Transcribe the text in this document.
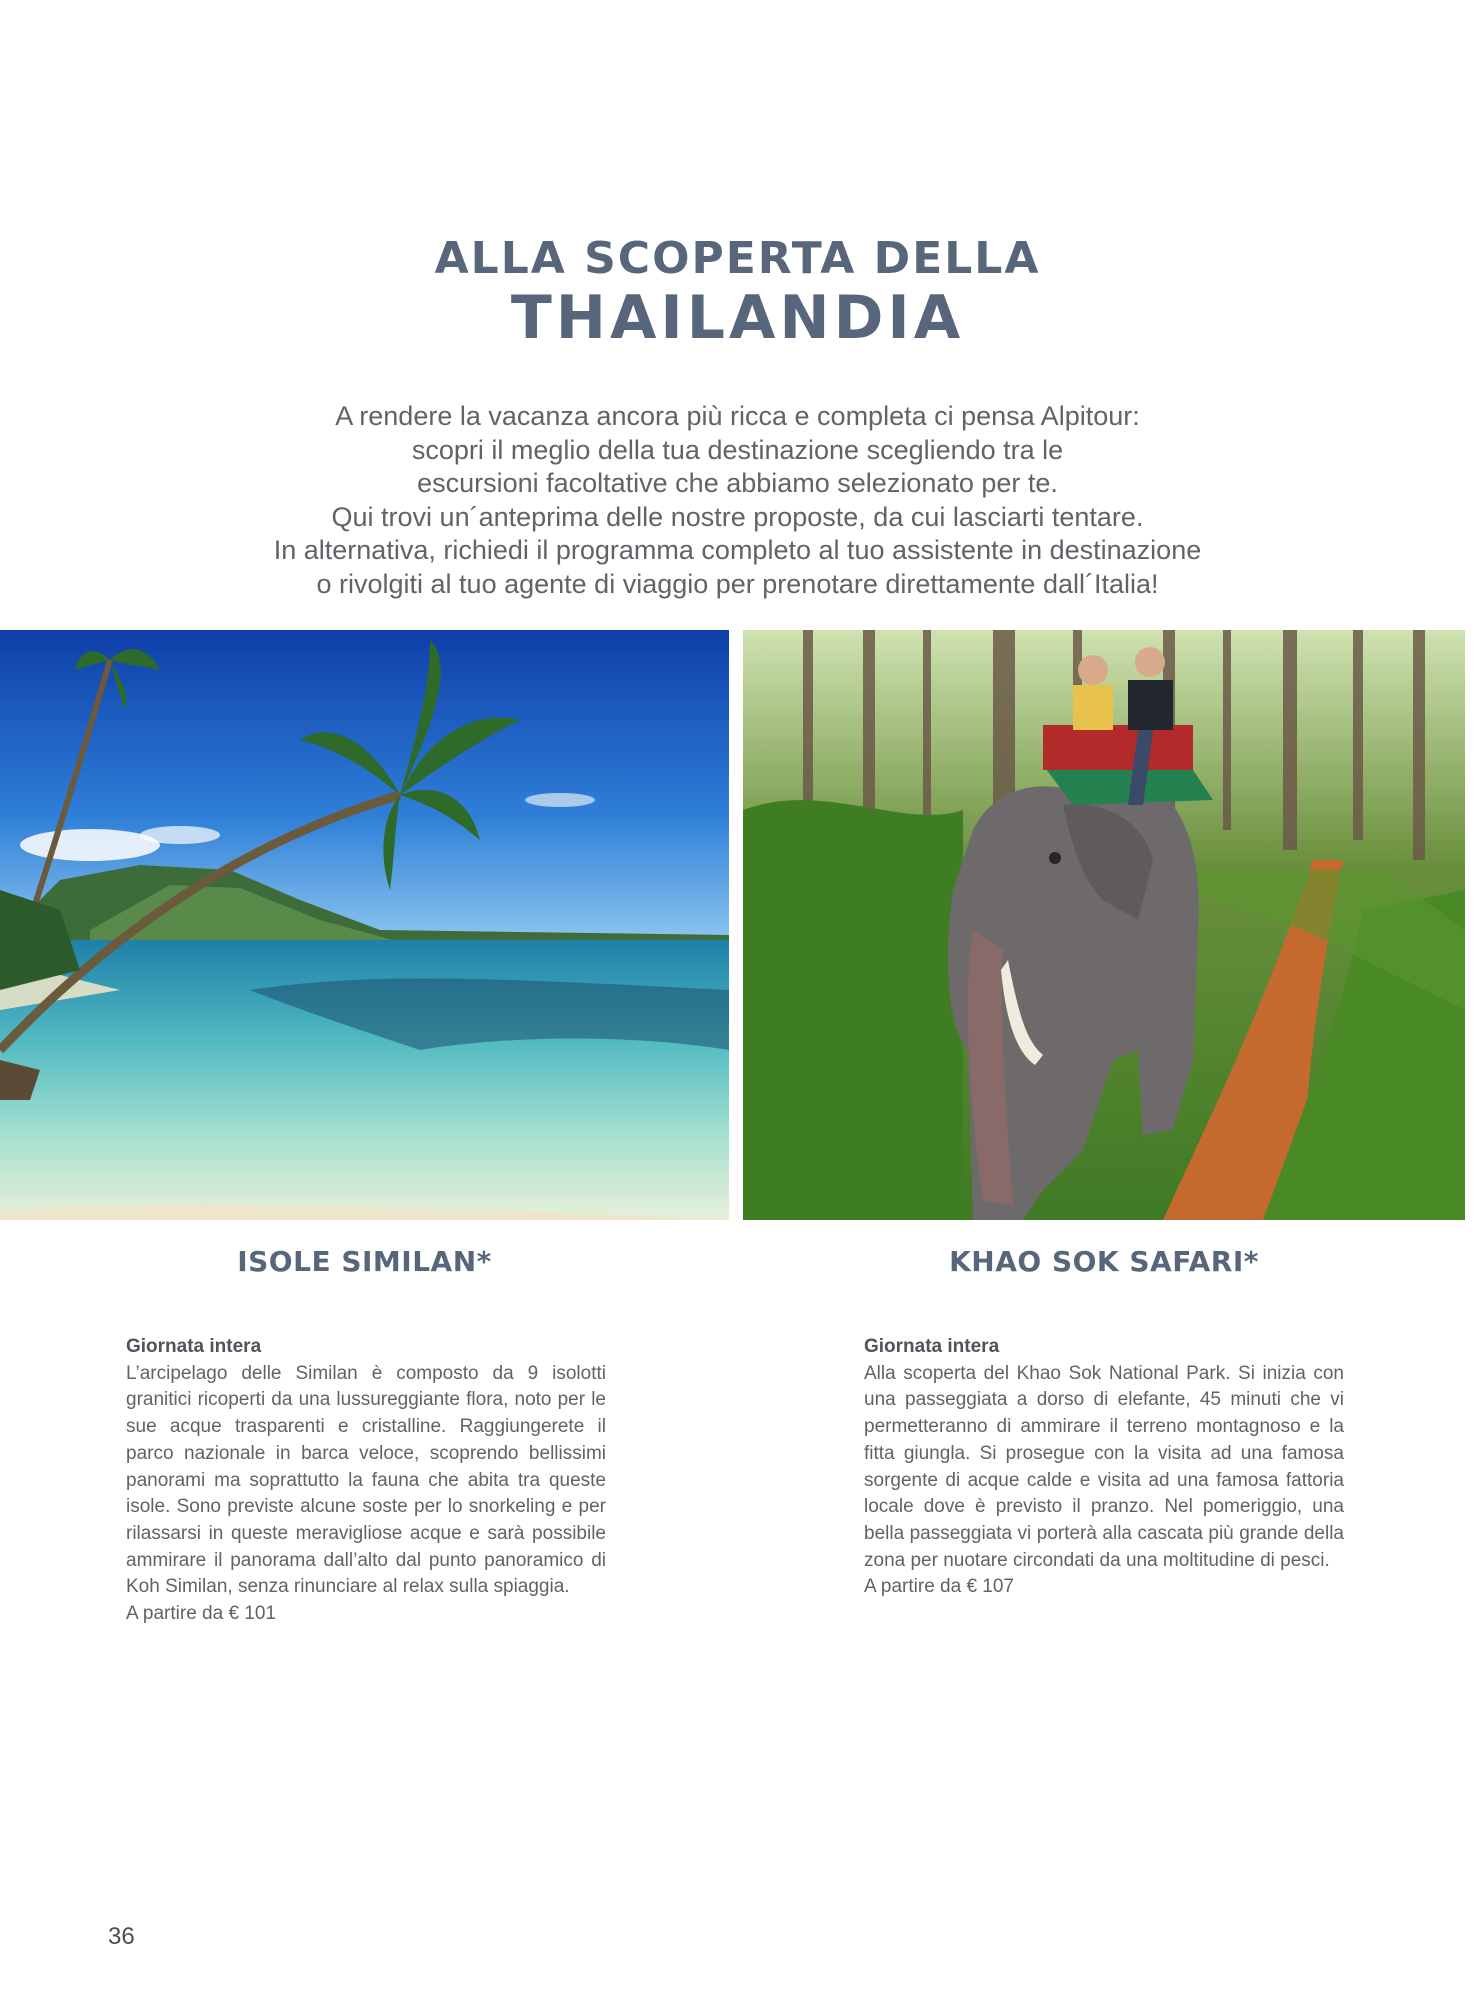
ALLA SCOPERTA DELLA
THAILANDIA
A rendere la vacanza ancora più ricca e completa ci pensa Alpitour:
scopri il meglio della tua destinazione scegliendo tra le
escursioni facoltative che abbiamo selezionato per te.
Qui trovi un´anteprima delle nostre proposte, da cui lasciarti tentare.
In alternativa, richiedi il programma completo al tuo assistente in destinazione
o rivolgiti al tuo agente di viaggio per prenotare direttamente dall´Italia!
ISOLE SIMILAN*	KHAO SOK SAFARI*
Giornata intera
L’arcipelago delle Similan è composto da 9 isolotti granitici ricoperti da una lussureggiante flora, noto per le sue acque trasparenti e cristalline. Raggiungerete il parco nazionale in barca veloce, scoprendo bellissimi panorami ma soprattutto la fauna che abita tra queste isole. Sono previste alcune soste per lo snorkeling e per rilassarsi in queste meravigliose acque e sarà possibile ammirare il panorama dall’alto dal punto panoramico di Koh Similan, senza rinunciare al relax sulla spiaggia.
A partire da € 101
Giornata intera
Alla scoperta del Khao Sok National Park. Si inizia con una passeggiata a dorso di elefante, 45 minuti che vi permetteranno di ammirare il terreno montagnoso e la fitta giungla. Si prosegue con la visita ad una famosa sorgente di acque calde e visita ad una famosa fattoria locale dove è previsto il pranzo. Nel pomeriggio, una bella passeggiata vi porterà alla cascata più grande della zona per nuotare circondati da una moltitudine di pesci.
A partire da € 107
36
